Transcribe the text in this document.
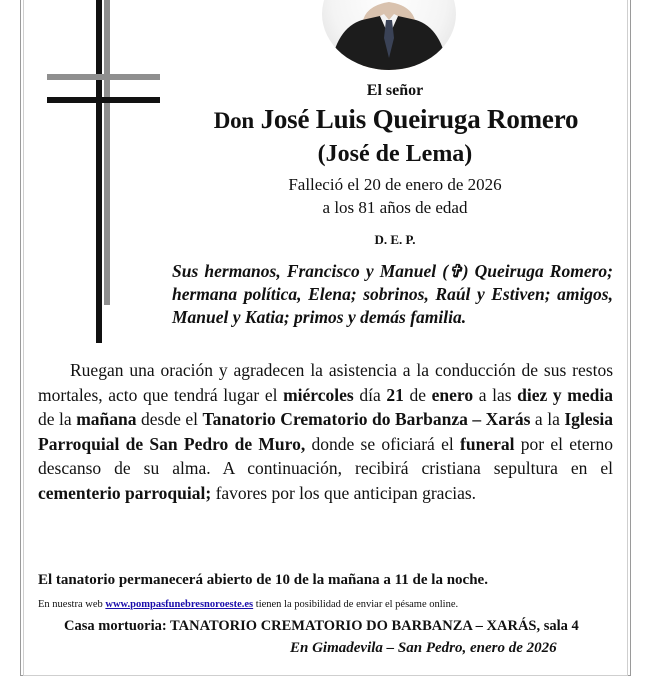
El señor
Don José Luis Queiruga Romero
(José de Lema)
Falleció el 20 de enero de 2026
a los 81 años de edad
D. E. P.
Sus hermanos, Francisco y Manuel (✞) Queiruga Romero; hermana política, Elena; sobrinos, Raúl y Estiven; amigos, Manuel y Katia; primos y demás familia.
Ruegan una oración y agradecen la asistencia a la conducción de sus restos mortales, acto que tendrá lugar el miércoles día 21 de enero a las diez y media de la mañana desde el Tanatorio Crematorio do Barbanza – Xarás a la Iglesia Parroquial de San Pedro de Muro, donde se oficiará el funeral por el eterno descanso de su alma. A continuación, recibirá cristiana sepultura en el cementerio parroquial; favores por los que anticipan gracias.
El tanatorio permanecerá abierto de 10 de la mañana a 11 de la noche.
En nuestra web www.pompasfunebresnoroeste.es tienen la posibilidad de enviar el pésame online.
Casa mortuoria: TANATORIO CREMATORIO DO BARBANZA – XARÁS, sala 4
En Gimadevila – San Pedro, enero de 2026
